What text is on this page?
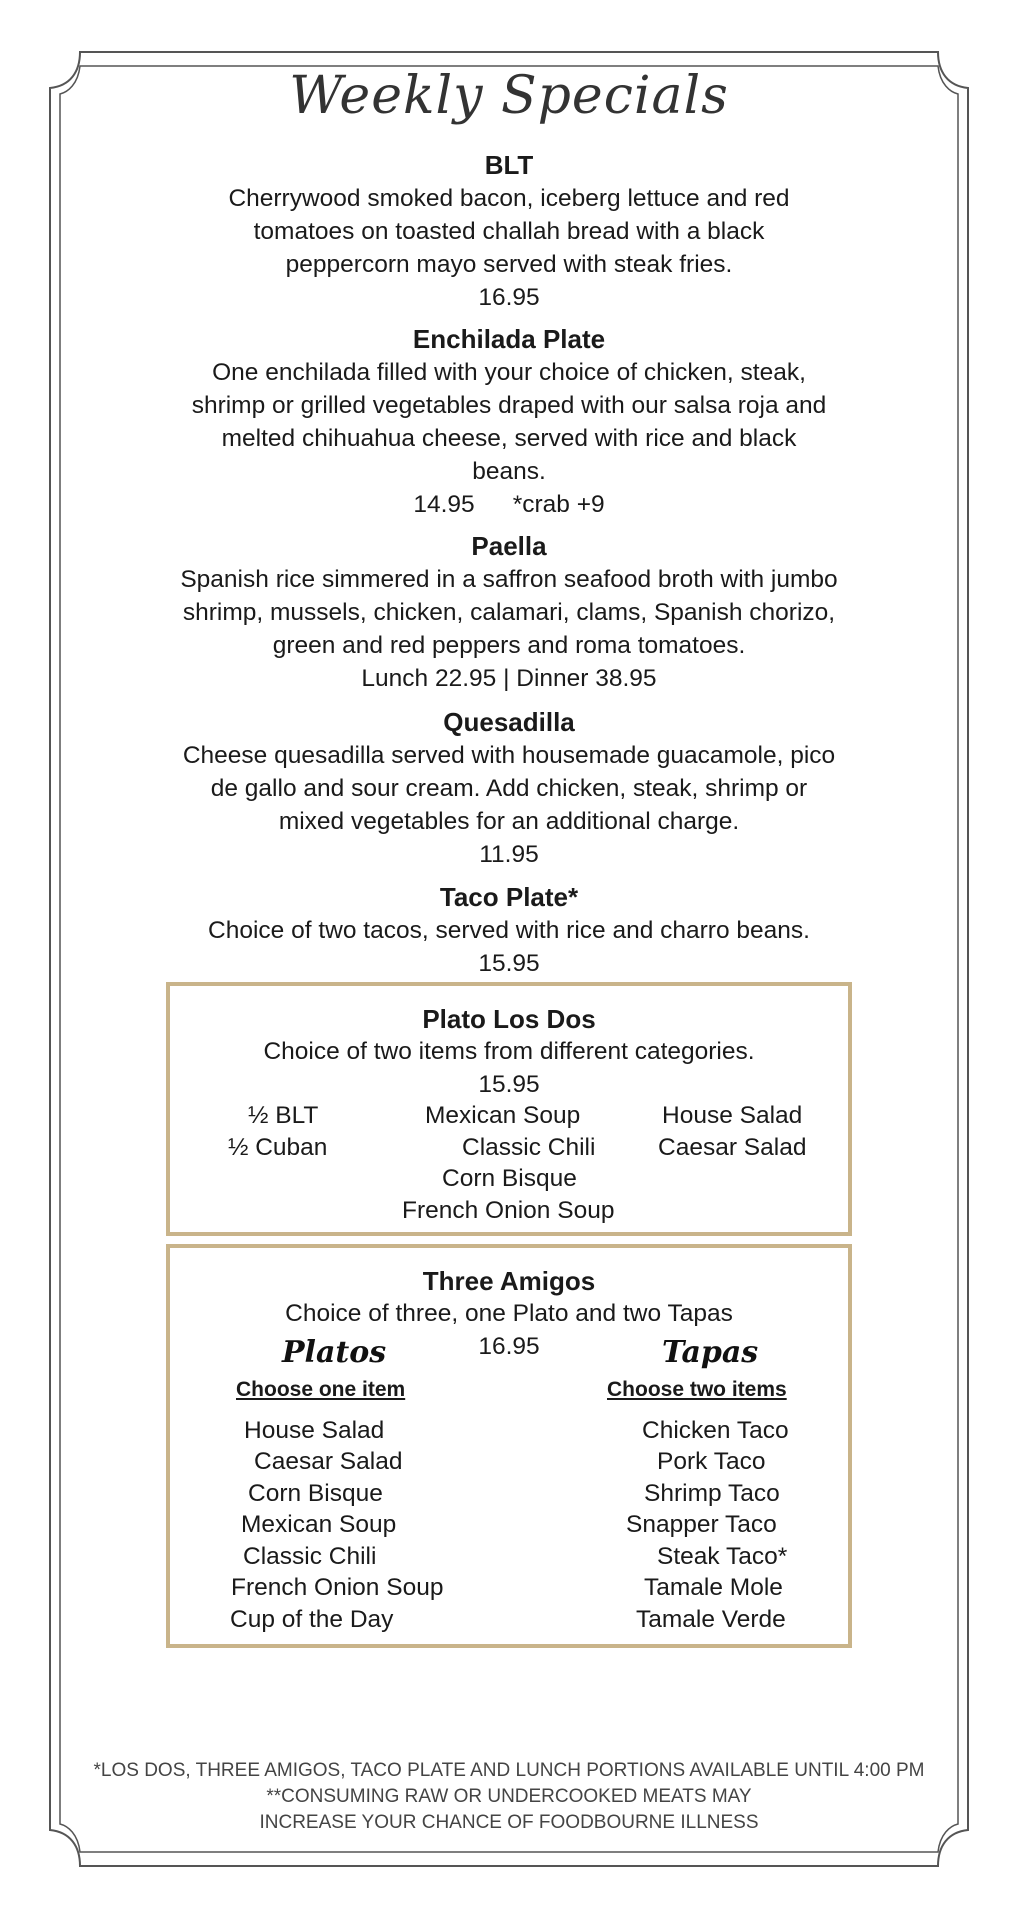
Weekly Specials
BLT
Cherrywood smoked bacon, iceberg lettuce and red tomatoes on toasted challah bread with a black peppercorn mayo served with steak fries.
16.95
Enchilada Plate
One enchilada filled with your choice of chicken, steak, shrimp or grilled vegetables draped with our salsa roja and melted chihuahua cheese, served with rice and black beans.
14.95 *crab +9
Paella
Spanish rice simmered in a saffron seafood broth with jumbo shrimp, mussels, chicken, calamari, clams, Spanish chorizo, green and red peppers and roma tomatoes.
Lunch 22.95 | Dinner 38.95
Quesadilla
Cheese quesadilla served with housemade guacamole, pico de gallo and sour cream. Add chicken, steak, shrimp or mixed vegetables for an additional charge.
11.95
Taco Plate*
Choice of two tacos, served with rice and charro beans.
15.95
Plato Los Dos
Choice of two items from different categories.
15.95
½ BLT
½ Cuban
Mexican Soup
Classic Chili
Corn Bisque
French Onion Soup
House Salad
Caesar Salad
Three Amigos
Choice of three, one Plato and two Tapas
16.95
Platos
Choose one item
Tapas
Choose two items
House Salad
Caesar Salad
Corn Bisque
Mexican Soup
Classic Chili
French Onion Soup
Cup of the Day
Chicken Taco
Pork Taco
Shrimp Taco
Snapper Taco
Steak Taco*
Tamale Mole
Tamale Verde
*LOS DOS, THREE AMIGOS, TACO PLATE AND LUNCH PORTIONS AVAILABLE UNTIL 4:00 PM
**CONSUMING RAW OR UNDERCOOKED MEATS MAY
INCREASE YOUR CHANCE OF FOODBOURNE ILLNESS
